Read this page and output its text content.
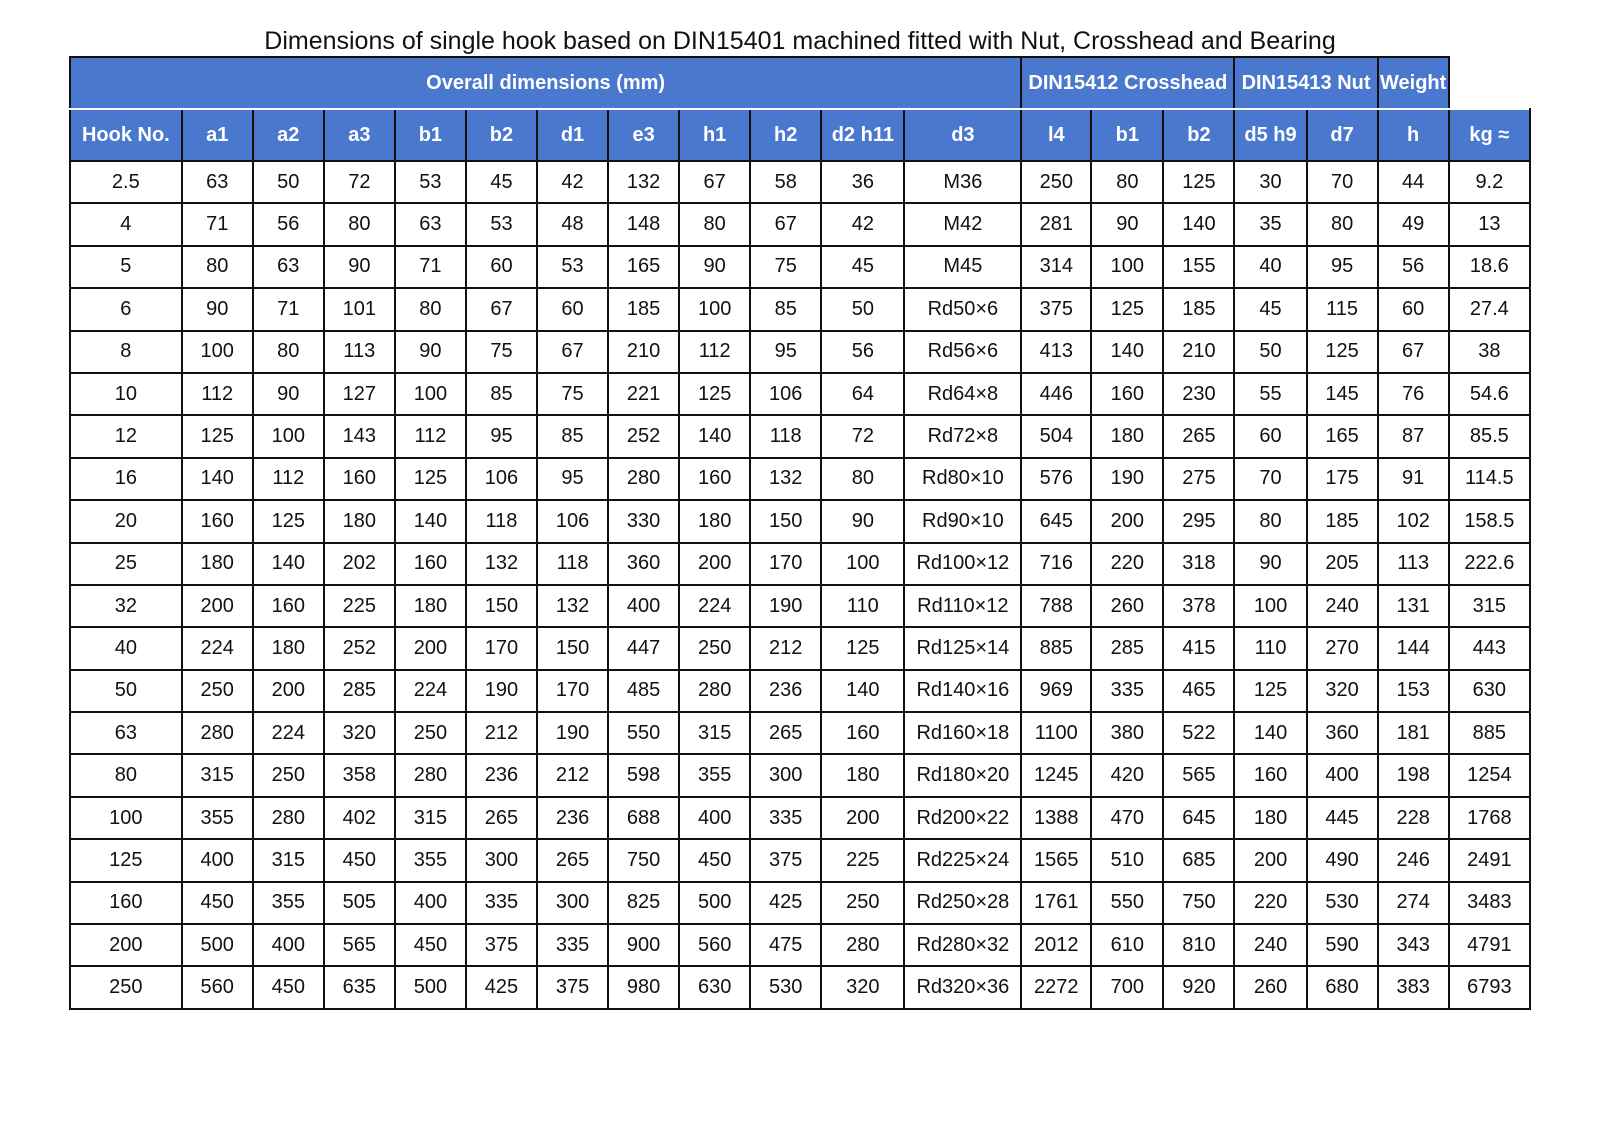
Dimensions of single hook based on DIN15401 machined fitted with Nut, Crosshead and Bearing
Overall dimensions (mm)												DIN15412 Crosshead			DIN15413 Nut		Weight	
Hook No.	a1	a2	a3	b1	b2	d1	e3	h1	h2	d2 h11	d3	l4	b1	b2	d5 h9	d7	h	kg ≈
2.5	63	50	72	53	45	42	132	67	58	36	M36	250	80	125	30	70	44	9.2
4	71	56	80	63	53	48	148	80	67	42	M42	281	90	140	35	80	49	13
5	80	63	90	71	60	53	165	90	75	45	M45	314	100	155	40	95	56	18.6
6	90	71	101	80	67	60	185	100	85	50	Rd50×6	375	125	185	45	115	60	27.4
8	100	80	113	90	75	67	210	112	95	56	Rd56×6	413	140	210	50	125	67	38
10	112	90	127	100	85	75	221	125	106	64	Rd64×8	446	160	230	55	145	76	54.6
12	125	100	143	112	95	85	252	140	118	72	Rd72×8	504	180	265	60	165	87	85.5
16	140	112	160	125	106	95	280	160	132	80	Rd80×10	576	190	275	70	175	91	114.5
20	160	125	180	140	118	106	330	180	150	90	Rd90×10	645	200	295	80	185	102	158.5
25	180	140	202	160	132	118	360	200	170	100	Rd100×12	716	220	318	90	205	113	222.6
32	200	160	225	180	150	132	400	224	190	110	Rd110×12	788	260	378	100	240	131	315
40	224	180	252	200	170	150	447	250	212	125	Rd125×14	885	285	415	110	270	144	443
50	250	200	285	224	190	170	485	280	236	140	Rd140×16	969	335	465	125	320	153	630
63	280	224	320	250	212	190	550	315	265	160	Rd160×18	1100	380	522	140	360	181	885
80	315	250	358	280	236	212	598	355	300	180	Rd180×20	1245	420	565	160	400	198	1254
100	355	280	402	315	265	236	688	400	335	200	Rd200×22	1388	470	645	180	445	228	1768
125	400	315	450	355	300	265	750	450	375	225	Rd225×24	1565	510	685	200	490	246	2491
160	450	355	505	400	335	300	825	500	425	250	Rd250×28	1761	550	750	220	530	274	3483
200	500	400	565	450	375	335	900	560	475	280	Rd280×32	2012	610	810	240	590	343	4791
250	560	450	635	500	425	375	980	630	530	320	Rd320×36	2272	700	920	260	680	383	6793
